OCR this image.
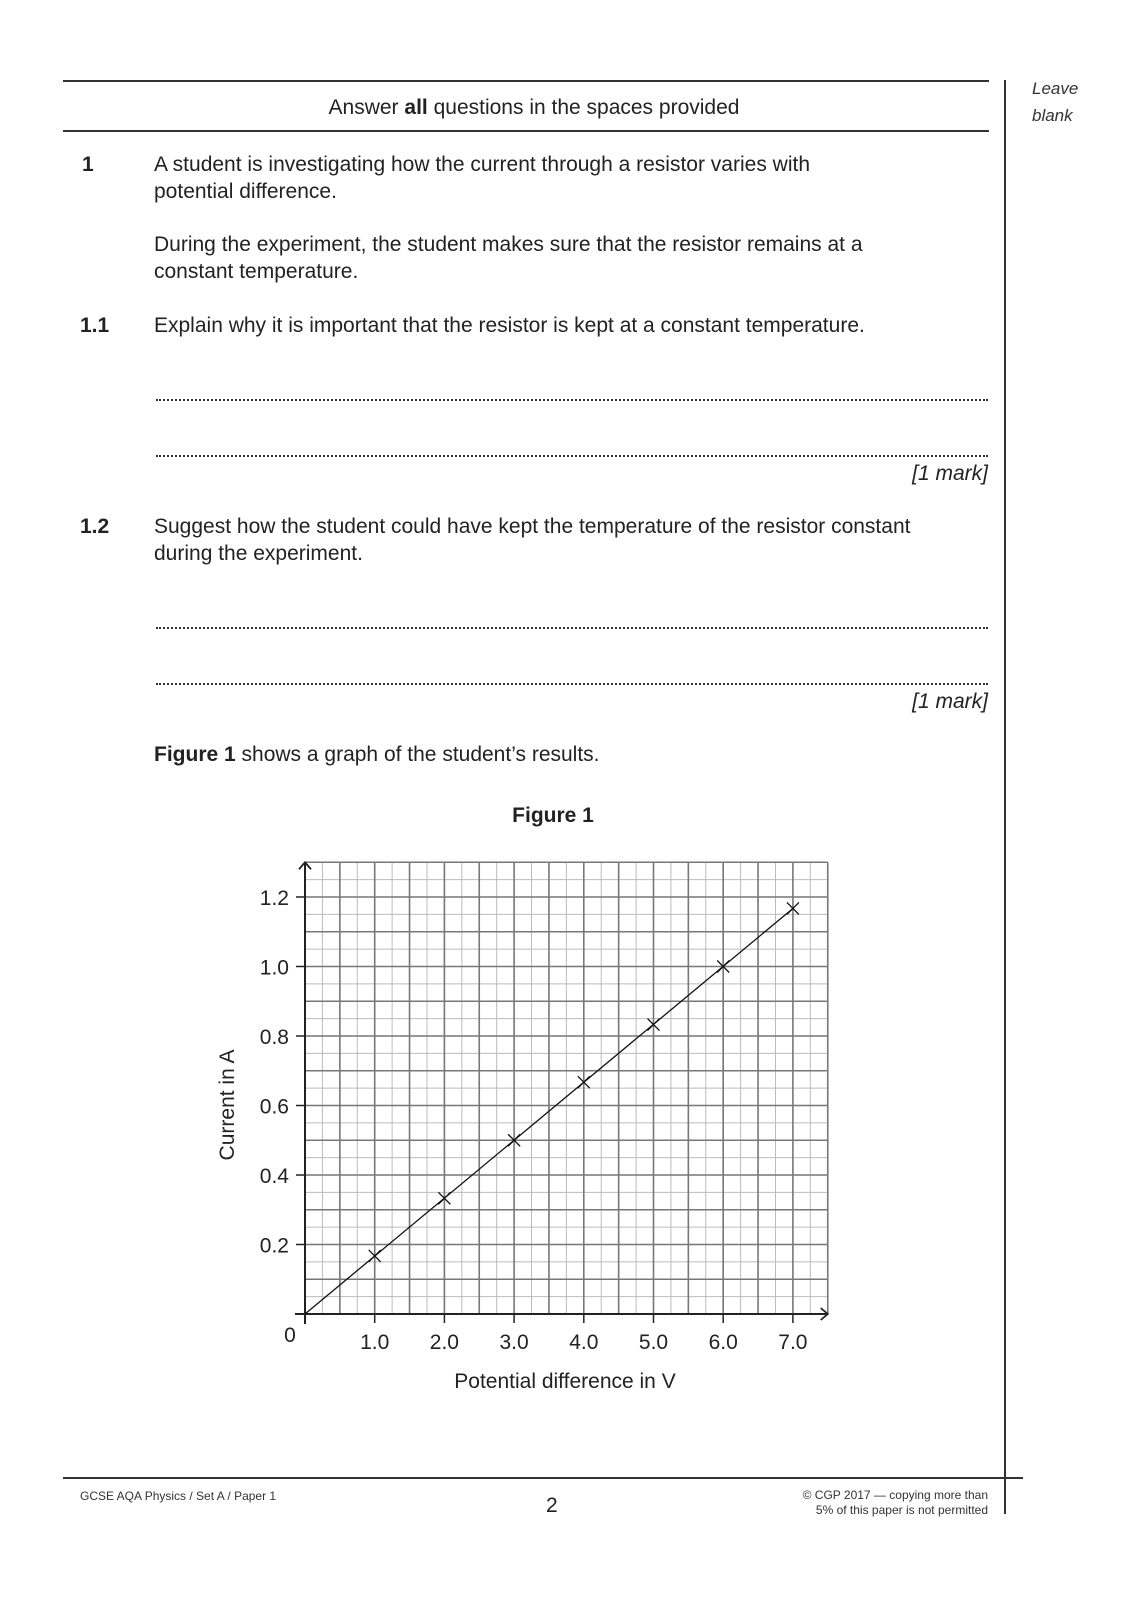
Answer all questions in the spaces provided
Leave
blank
1	A student is investigating how the current through a resistor varies with
potential difference.
During the experiment, the student makes sure that the resistor remains at a
constant temperature.
1.1 Explain why it is important that the resistor is kept at a constant temperature.
[1 mark]
1.2 Suggest how the student could have kept the temperature of the resistor constant
during the experiment.
[1 mark]
Figure 1 shows a graph of the student’s results.
Figure 1
1.0 2.0 3.0 4.0 5.0 6.0 7.0
0.2
0.4
0.6
0.8
1.0
1.2
0
Potential difference in V
Current in A
GCSE AQA Physics / Set A / Paper 1	2	© CGP 2017 — copying more than
5% of this paper is not permitted
